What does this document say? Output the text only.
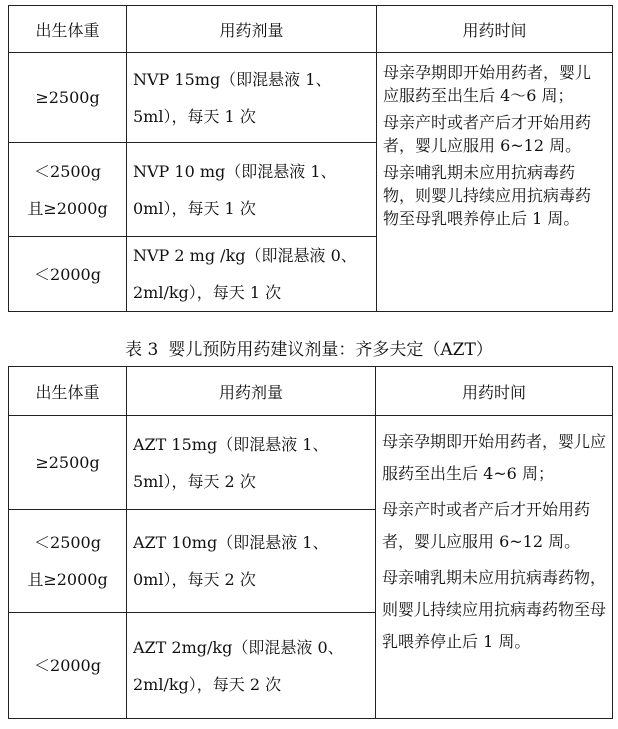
出生体重	用药剂量	用药时间
≥2500g	NVP 15mg（即混悬液 1、5ml），每天 1 次	母亲孕期即开始用药者，婴儿应服药至出生后 4～6 周；
母亲产时或者产后才开始用药者，婴儿应服用 6~12 周。
母亲哺乳期未应用抗病毒药物，则婴儿持续应用抗病毒药物至母乳喂养停止后 1 周。

＜2500g
且≥2000g	NVP 10 mg（即混悬液 1、0ml），每天 1 次	
＜2000g	NVP 2 mg /kg（即混悬液 0、2ml/kg），每天 1 次	
表 3 婴儿预防用药建议剂量：齐多夫定（AZT）
出生体重	用药剂量	用药时间
≥2500g	AZT 15mg（即混悬液 1、5ml），每天 2 次	母亲孕期即开始用药者，婴儿应服药至出生后 4~6 周；
母亲产时或者产后才开始用药者，婴儿应服用 6~12 周。
母亲哺乳期未应用抗病毒药物，则婴儿持续应用抗病毒药物至母乳喂养停止后 1 周。

＜2500g
且≥2000g	AZT 10mg（即混悬液 1、0ml），每天 2 次	
＜2000g	AZT 2mg/kg（即混悬液 0、2ml/kg），每天 2 次	
